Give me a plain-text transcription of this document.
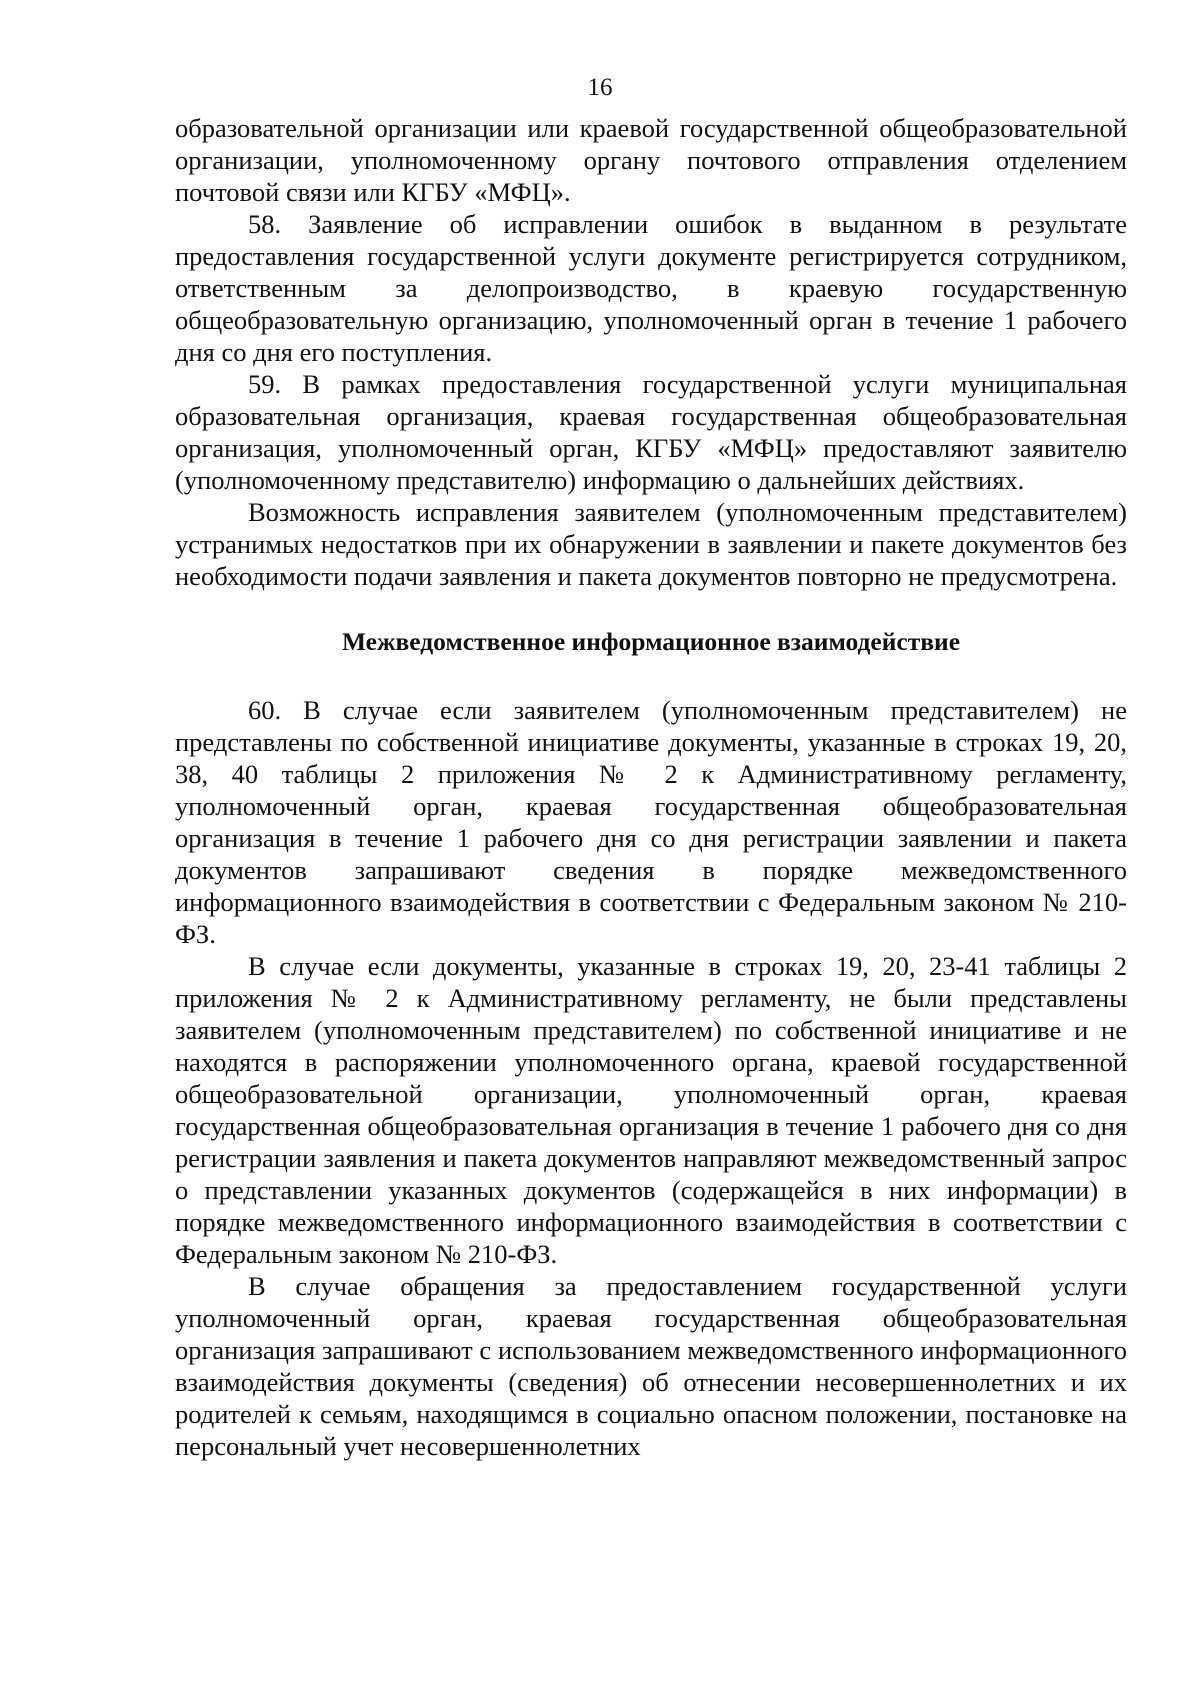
16

образовательной организации или краевой государственной общеобразовательной организации, уполномоченному органу почтового отправления отделением почтовой связи или КГБУ «МФЦ».

58. Заявление об исправлении ошибок в выданном в результате предоставления государственной услуги документе регистрируется сотрудником, ответственным за делопроизводство, в краевую государственную общеобразовательную организацию, уполномоченный орган в течение 1 рабочего дня со дня его поступления.

59. В рамках предоставления государственной услуги муниципальная образовательная организация, краевая государственная общеобразовательная организация, уполномоченный орган, КГБУ «МФЦ» предоставляют заявителю (уполномоченному представителю) информацию о дальнейших действиях.

Возможность исправления заявителем (уполномоченным представителем) устранимых недостатков при их обнаружении в заявлении и пакете документов без необходимости подачи заявления и пакета документов повторно не предусмотрена.

Межведомственное информационное взаимодействие

60. В случае если заявителем (уполномоченным представителем) не представлены по собственной инициативе документы, указанные в строках 19, 20, 38, 40 таблицы 2 приложения № 2 к Административному регламенту, уполномоченный орган, краевая государственная общеобразовательная организация в течение 1 рабочего дня со дня регистрации заявлении и пакета документов запрашивают сведения в порядке межведомственного информационного взаимодействия в соответствии с Федеральным законом № 210-ФЗ.

В случае если документы, указанные в строках 19, 20, 23-41 таблицы 2 приложения № 2 к Административному регламенту, не были представлены заявителем (уполномоченным представителем) по собственной инициативе и не находятся в распоряжении уполномоченного органа, краевой государственной общеобразовательной организации, уполномоченный орган, краевая государственная общеобразовательная организация в течение 1 рабочего дня со дня регистрации заявления и пакета документов направляют межведомственный запрос о представлении указанных документов (содержащейся в них информации) в порядке межведомственного информационного взаимодействия в соответствии с Федеральным законом № 210-ФЗ.

В случае обращения за предоставлением государственной услуги уполномоченный орган, краевая государственная общеобразовательная организация запрашивают с использованием межведомственного информационного взаимодействия документы (сведения) об отнесении несовершеннолетних и их родителей к семьям, находящимся в социально опасном положении, постановке на персональный учет несовершеннолетних
